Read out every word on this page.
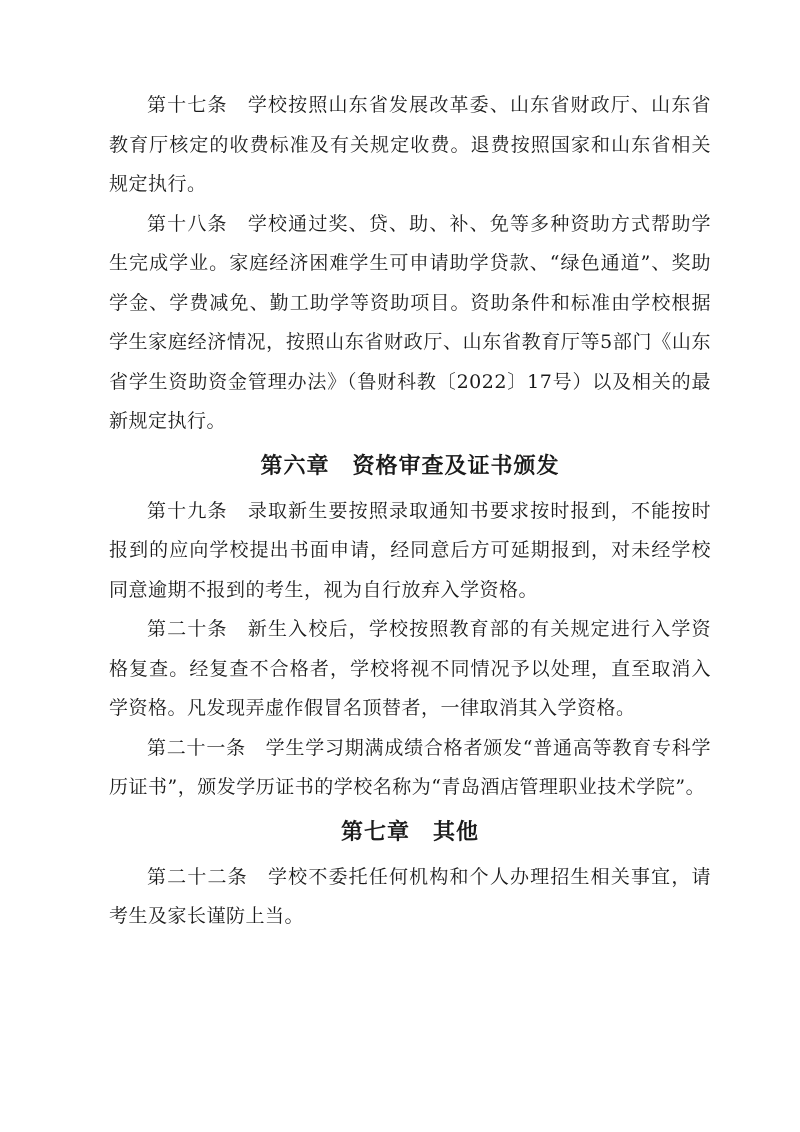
第十七条　学校按照山东省发展改革委、山东省财政厅、山东省教育厅核定的收费标准及有关规定收费。退费按照国家和山东省相关规定执行。

第十八条　学校通过奖、贷、助、补、免等多种资助方式帮助学生完成学业。家庭经济困难学生可申请助学贷款、“绿色通道”、奖助学金、学费减免、勤工助学等资助项目。资助条件和标准由学校根据学生家庭经济情况，按照山东省财政厅、山东省教育厅等5部门《山东省学生资助资金管理办法》（鲁财科教〔2022〕17号）以及相关的最新规定执行。

第六章　资格审查及证书颁发

第十九条　录取新生要按照录取通知书要求按时报到，不能按时报到的应向学校提出书面申请，经同意后方可延期报到，对未经学校同意逾期不报到的考生，视为自行放弃入学资格。

第二十条　新生入校后，学校按照教育部的有关规定进行入学资格复查。经复查不合格者，学校将视不同情况予以处理，直至取消入学资格。凡发现弄虚作假冒名顶替者，一律取消其入学资格。

第二十一条　学生学习期满成绩合格者颁发“普通高等教育专科学历证书”，颁发学历证书的学校名称为“青岛酒店管理职业技术学院”。

第七章　其他

第二十二条　学校不委托任何机构和个人办理招生相关事宜，请考生及家长谨防上当。
